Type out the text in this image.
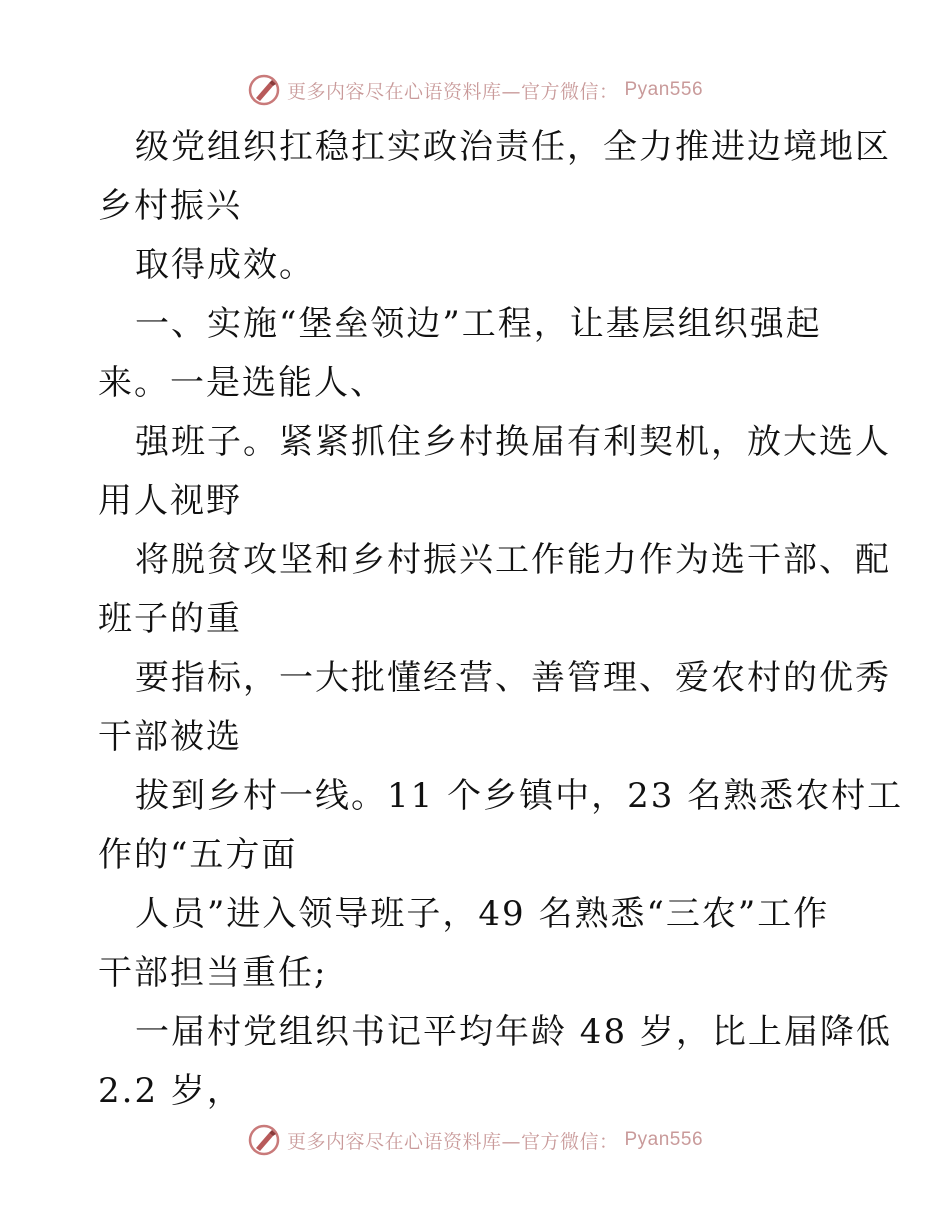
更多内容尽在心语资料库—官方微信： Pyan556

级党组织扛稳扛实政治责任，全力推进边境地区
乡村振兴

取得成效。

一、实施“堡垒领边”工程，让基层组织强起
来。一是选能人、

强班子。紧紧抓住乡村换届有利契机，放大选人
用人视野

将脱贫攻坚和乡村振兴工作能力作为选干部、配
班子的重

要指标，一大批懂经营、善管理、爱农村的优秀
干部被选

拔到乡村一线。11 个乡镇中，23 名熟悉农村工
作的“五方面

人员”进入领导班子，49 名熟悉“三农”工作
干部担当重任;

一届村党组织书记平均年龄 48 岁，比上届降低
2.2 岁，

更多内容尽在心语资料库—官方微信： Pyan556
